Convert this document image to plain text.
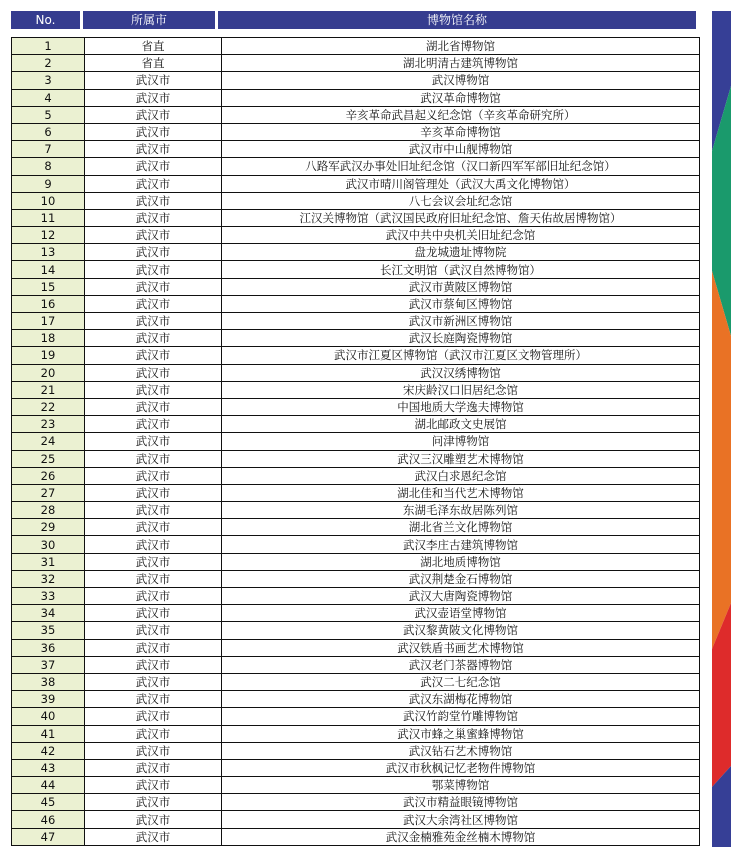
No.	所属市	博物馆名称
1	省直	湖北省博物馆
2	省直	湖北明清古建筑博物馆
3	武汉市	武汉博物馆
4	武汉市	武汉革命博物馆
5	武汉市	辛亥革命武昌起义纪念馆（辛亥革命研究所）
6	武汉市	辛亥革命博物馆
7	武汉市	武汉市中山舰博物馆
8	武汉市	八路军武汉办事处旧址纪念馆（汉口新四军军部旧址纪念馆）
9	武汉市	武汉市晴川阁管理处（武汉大禹文化博物馆）
10	武汉市	八七会议会址纪念馆
11	武汉市	江汉关博物馆（武汉国民政府旧址纪念馆、詹天佑故居博物馆）
12	武汉市	武汉中共中央机关旧址纪念馆
13	武汉市	盘龙城遗址博物院
14	武汉市	长江文明馆（武汉自然博物馆）
15	武汉市	武汉市黄陂区博物馆
16	武汉市	武汉市蔡甸区博物馆
17	武汉市	武汉市新洲区博物馆
18	武汉市	武汉长庭陶瓷博物馆
19	武汉市	武汉市江夏区博物馆（武汉市江夏区文物管理所）
20	武汉市	武汉汉绣博物馆
21	武汉市	宋庆龄汉口旧居纪念馆
22	武汉市	中国地质大学逸夫博物馆
23	武汉市	湖北邮政文史展馆
24	武汉市	问津博物馆
25	武汉市	武汉三汉雕塑艺术博物馆
26	武汉市	武汉白求恩纪念馆
27	武汉市	湖北佳和当代艺术博物馆
28	武汉市	东湖毛泽东故居陈列馆
29	武汉市	湖北省兰文化博物馆
30	武汉市	武汉李庄古建筑博物馆
31	武汉市	湖北地质博物馆
32	武汉市	武汉荆楚金石博物馆
33	武汉市	武汉大唐陶瓷博物馆
34	武汉市	武汉壶语堂博物馆
35	武汉市	武汉黎黄陂文化博物馆
36	武汉市	武汉铁盾书画艺术博物馆
37	武汉市	武汉老门茶器博物馆
38	武汉市	武汉二七纪念馆
39	武汉市	武汉东湖梅花博物馆
40	武汉市	武汉竹韵堂竹雕博物馆
41	武汉市	武汉市蜂之巢蜜蜂博物馆
42	武汉市	武汉钻石艺术博物馆
43	武汉市	武汉市秋枫记忆老物件博物馆
44	武汉市	鄂菜博物馆
45	武汉市	武汉市精益眼镜博物馆
46	武汉市	武汉大余湾社区博物馆
47	武汉市	武汉金楠雅苑金丝楠木博物馆
